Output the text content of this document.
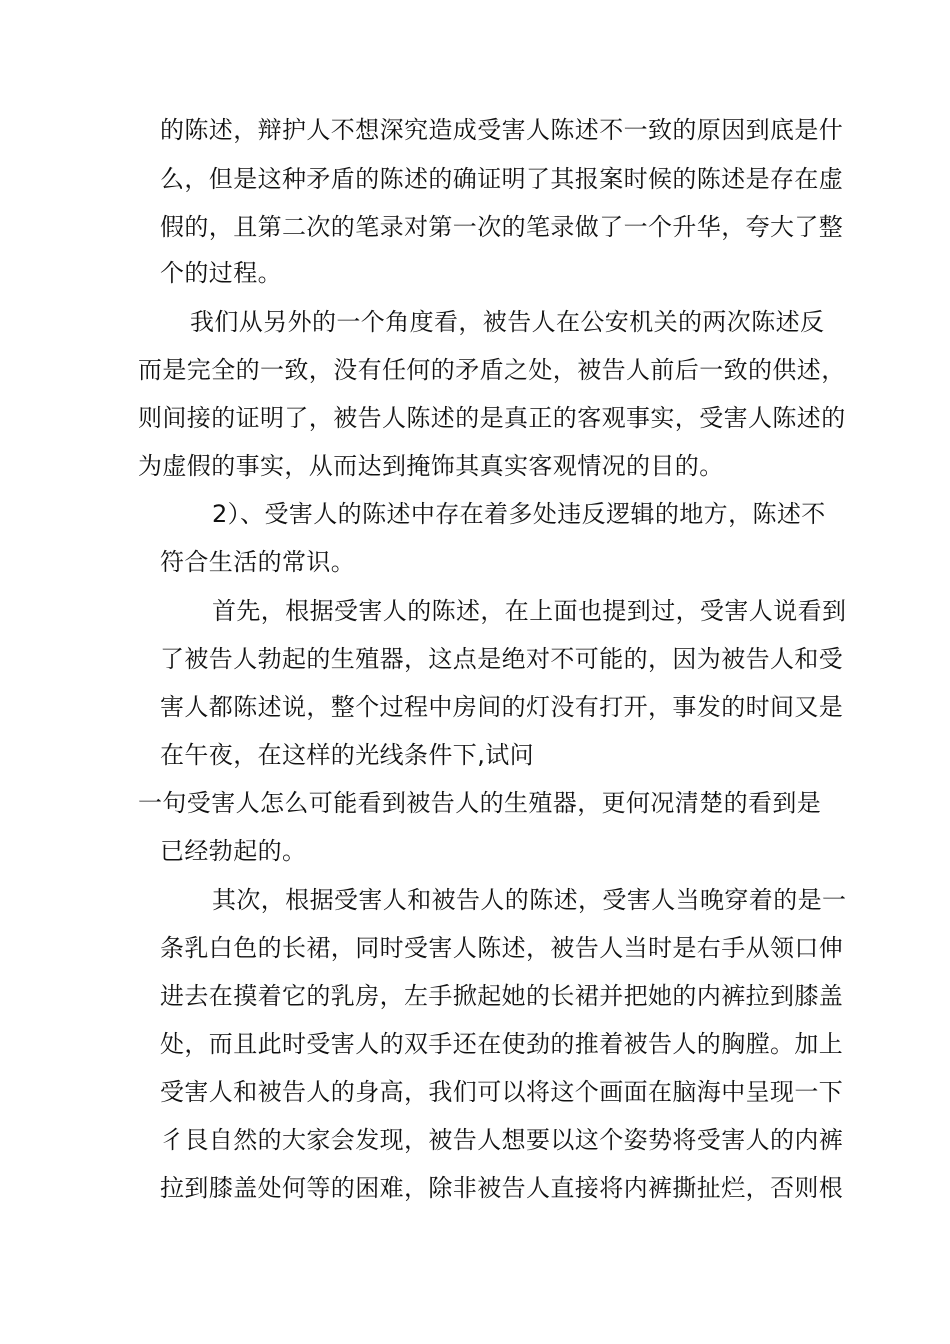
的陈述，辩护人不想深究造成受害人陈述不一致的原因到底是什
么，但是这种矛盾的陈述的确证明了其报案时候的陈述是存在虚
假的，且第二次的笔录对第一次的笔录做了一个升华，夸大了整
个的过程。
我们从另外的一个角度看，被告人在公安机关的两次陈述反
而是完全的一致，没有任何的矛盾之处，被告人前后一致的供述，
则间接的证明了，被告人陈述的是真正的客观事实，受害人陈述的
为虚假的事实，从而达到掩饰其真实客观情况的目的。
2）、受害人的陈述中存在着多处违反逻辑的地方，陈述不
符合生活的常识。
首先，根据受害人的陈述，在上面也提到过，受害人说看到
了被告人勃起的生殖器，这点是绝对不可能的，因为被告人和受
害人都陈述说，整个过程中房间的灯没有打开，事发的时间又是
在午夜，在这样的光线条件下,试问
一句受害人怎么可能看到被告人的生殖器，更何况清楚的看到是
已经勃起的。
其次，根据受害人和被告人的陈述，受害人当晚穿着的是一
条乳白色的长裙，同时受害人陈述，被告人当时是右手从领口伸
进去在摸着它的乳房，左手掀起她的长裙并把她的内裤拉到膝盖
处，而且此时受害人的双手还在使劲的推着被告人的胸膛。加上
受害人和被告人的身高，我们可以将这个画面在脑海中呈现一下
彳艮自然的大家会发现，被告人想要以这个姿势将受害人的内裤
拉到膝盖处何等的困难，除非被告人直接将内裤撕扯烂，否则根
